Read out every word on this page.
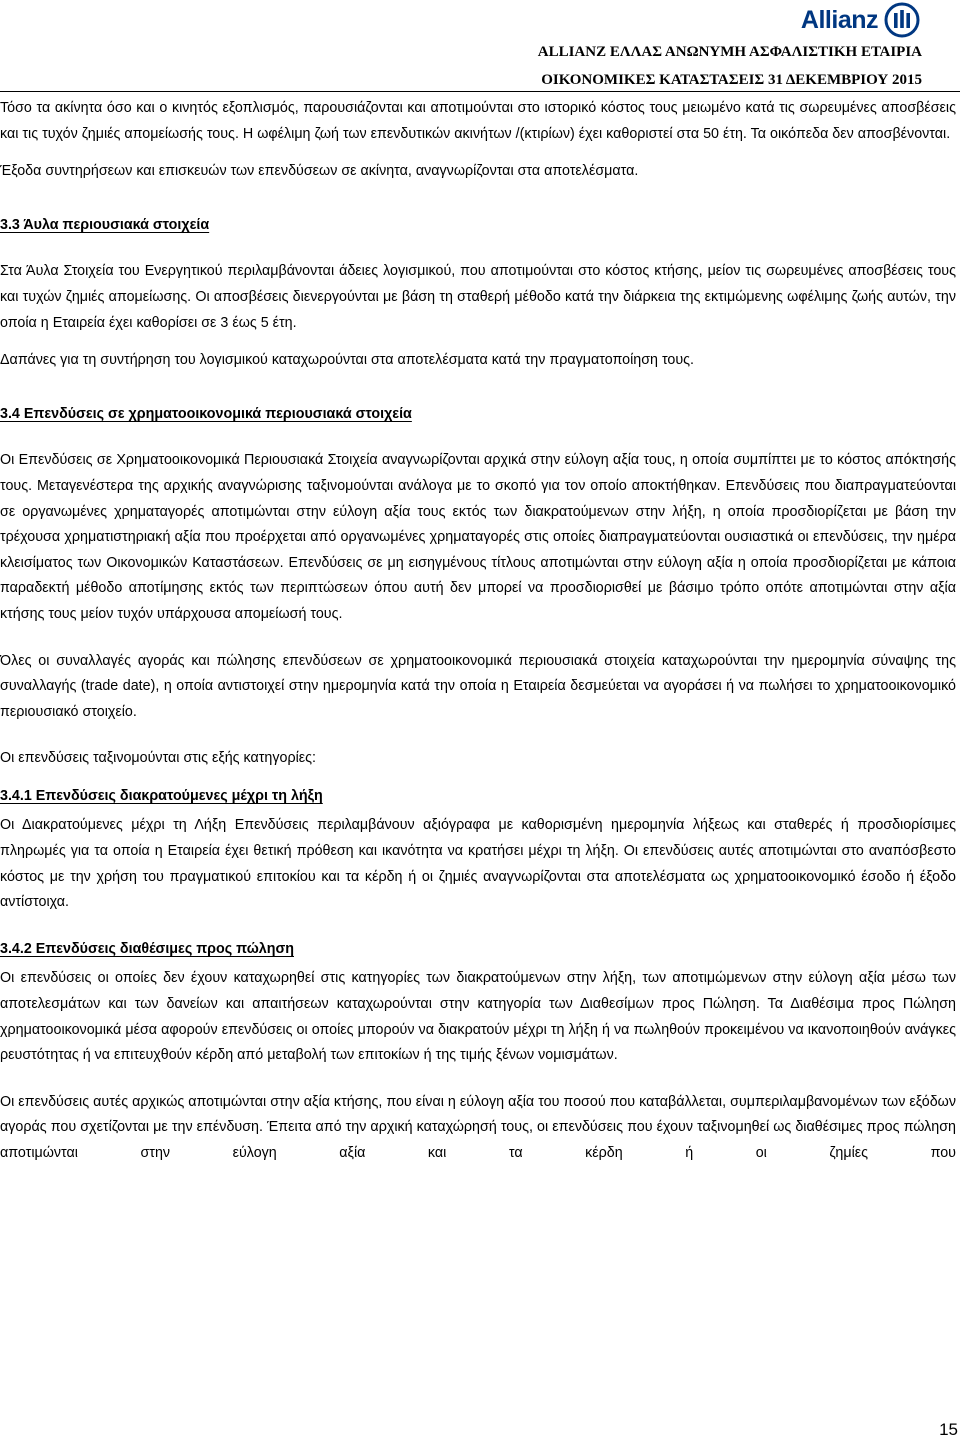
Allianz
ALLIANZ ΕΛΛΑΣ ΑΝΩΝΥΜΗ ΑΣΦΑΛΙΣΤΙΚΗ ΕΤΑΙΡΙΑ
ΟΙΚΟΝΟΜΙΚΕΣ ΚΑΤΑΣΤΑΣΕΙΣ 31 ΔΕΚΕΜΒΡΙΟΥ 2015

Τόσο τα ακίνητα όσο και ο κινητός εξοπλισμός, παρουσιάζονται και αποτιμούνται στο ιστορικό κόστος τους μειωμένο κατά τις σωρευμένες αποσβέσεις και τις τυχόν ζημιές απομείωσής τους. Η ωφέλιμη ζωή των επενδυτικών ακινήτων /(κτιρίων) έχει καθοριστεί στα 50 έτη. Τα οικόπεδα δεν αποσβένονται.

Έξοδα συντηρήσεων και επισκευών των επενδύσεων σε ακίνητα, αναγνωρίζονται στα αποτελέσματα.

3.3 Άυλα περιουσιακά στοιχεία

Στα Άυλα Στοιχεία του Ενεργητικού περιλαμβάνονται άδειες λογισμικού, που αποτιμούνται στο κόστος κτήσης, μείον τις σωρευμένες αποσβέσεις τους και τυχών ζημιές απομείωσης. Οι αποσβέσεις διενεργούνται με βάση τη σταθερή μέθοδο κατά την διάρκεια της εκτιμώμενης ωφέλιμης ζωής αυτών, την οποία η Εταιρεία έχει καθορίσει σε 3 έως 5 έτη.

Δαπάνες για τη συντήρηση του λογισμικού καταχωρούνται στα αποτελέσματα κατά την πραγματοποίηση τους.

3.4 Επενδύσεις σε χρηματοοικονομικά περιουσιακά στοιχεία

Οι Επενδύσεις σε Χρηματοοικονομικά Περιουσιακά Στοιχεία αναγνωρίζονται αρχικά στην εύλογη αξία τους, η οποία συμπίπτει με το κόστος απόκτησής τους. Μεταγενέστερα της αρχικής αναγνώρισης ταξινομούνται ανάλογα με το σκοπό για τον οποίο αποκτήθηκαν. Επενδύσεις που διαπραγματεύονται σε οργανωμένες χρηματαγορές αποτιμώνται στην εύλογη αξία τους εκτός των διακρατούμενων στην λήξη, η οποία προσδιορίζεται με βάση την τρέχουσα χρηματιστηριακή αξία που προέρχεται από οργανωμένες χρηματαγορές στις οποίες διαπραγματεύονται ουσιαστικά οι επενδύσεις, την ημέρα κλεισίματος των Οικονομικών Καταστάσεων. Επενδύσεις σε μη εισηγμένους τίτλους αποτιμώνται στην εύλογη αξία η οποία προσδιορίζεται με κάποια παραδεκτή μέθοδο αποτίμησης εκτός των περιπτώσεων όπου αυτή δεν μπορεί να προσδιορισθεί με βάσιμο τρόπο οπότε αποτιμώνται στην αξία κτήσης τους μείον τυχόν υπάρχουσα απομείωσή τους.

Όλες οι συναλλαγές αγοράς και πώλησης επενδύσεων σε χρηματοοικονομικά περιουσιακά στοιχεία καταχωρούνται την ημερομηνία σύναψης της συναλλαγής (trade date), η οποία αντιστοιχεί στην ημερομηνία κατά την οποία η Εταιρεία δεσμεύεται να αγοράσει ή να πωλήσει το χρηματοοικονομικό περιουσιακό στοιχείο.

Οι επενδύσεις ταξινομούνται στις εξής κατηγορίες:

3.4.1 Επενδύσεις διακρατούμενες μέχρι τη λήξη

Οι Διακρατούμενες μέχρι τη Λήξη Επενδύσεις περιλαμβάνουν αξιόγραφα με καθορισμένη ημερομηνία λήξεως και σταθερές ή προσδιορίσιμες πληρωμές για τα οποία η Εταιρεία έχει θετική πρόθεση και ικανότητα να κρατήσει μέχρι τη λήξη. Οι επενδύσεις αυτές αποτιμώνται στο αναπόσβεστο κόστος με την χρήση του πραγματικού επιτοκίου και τα κέρδη ή οι ζημιές αναγνωρίζονται στα αποτελέσματα ως χρηματοοικονομικό έσοδο ή έξοδο αντίστοιχα.

3.4.2 Επενδύσεις διαθέσιμες προς πώληση

Οι επενδύσεις οι οποίες δεν έχουν καταχωρηθεί στις κατηγορίες των διακρατούμενων στην λήξη, των αποτιμώμενων στην εύλογη αξία μέσω των αποτελεσμάτων και των δανείων και απαιτήσεων καταχωρούνται στην κατηγορία των Διαθεσίμων προς Πώληση. Τα Διαθέσιμα προς Πώληση χρηματοοικονομικά μέσα αφορούν επενδύσεις οι οποίες μπορούν να διακρατούν μέχρι τη λήξη ή να πωληθούν προκειμένου να ικανοποιηθούν ανάγκες ρευστότητας ή να επιτευχθούν κέρδη από μεταβολή των επιτοκίων ή της τιμής ξένων νομισμάτων.

Οι επενδύσεις αυτές αρχικώς αποτιμώνται στην αξία κτήσης, που είναι η εύλογη αξία του ποσού που καταβάλλεται, συμπεριλαμβανομένων των εξόδων αγοράς που σχετίζονται με την επένδυση. Έπειτα από την αρχική καταχώρησή τους, οι επενδύσεις που έχουν ταξινομηθεί ως διαθέσιμες προς πώληση αποτιμώνται στην εύλογη αξία και τα κέρδη ή οι ζημίες που

15
